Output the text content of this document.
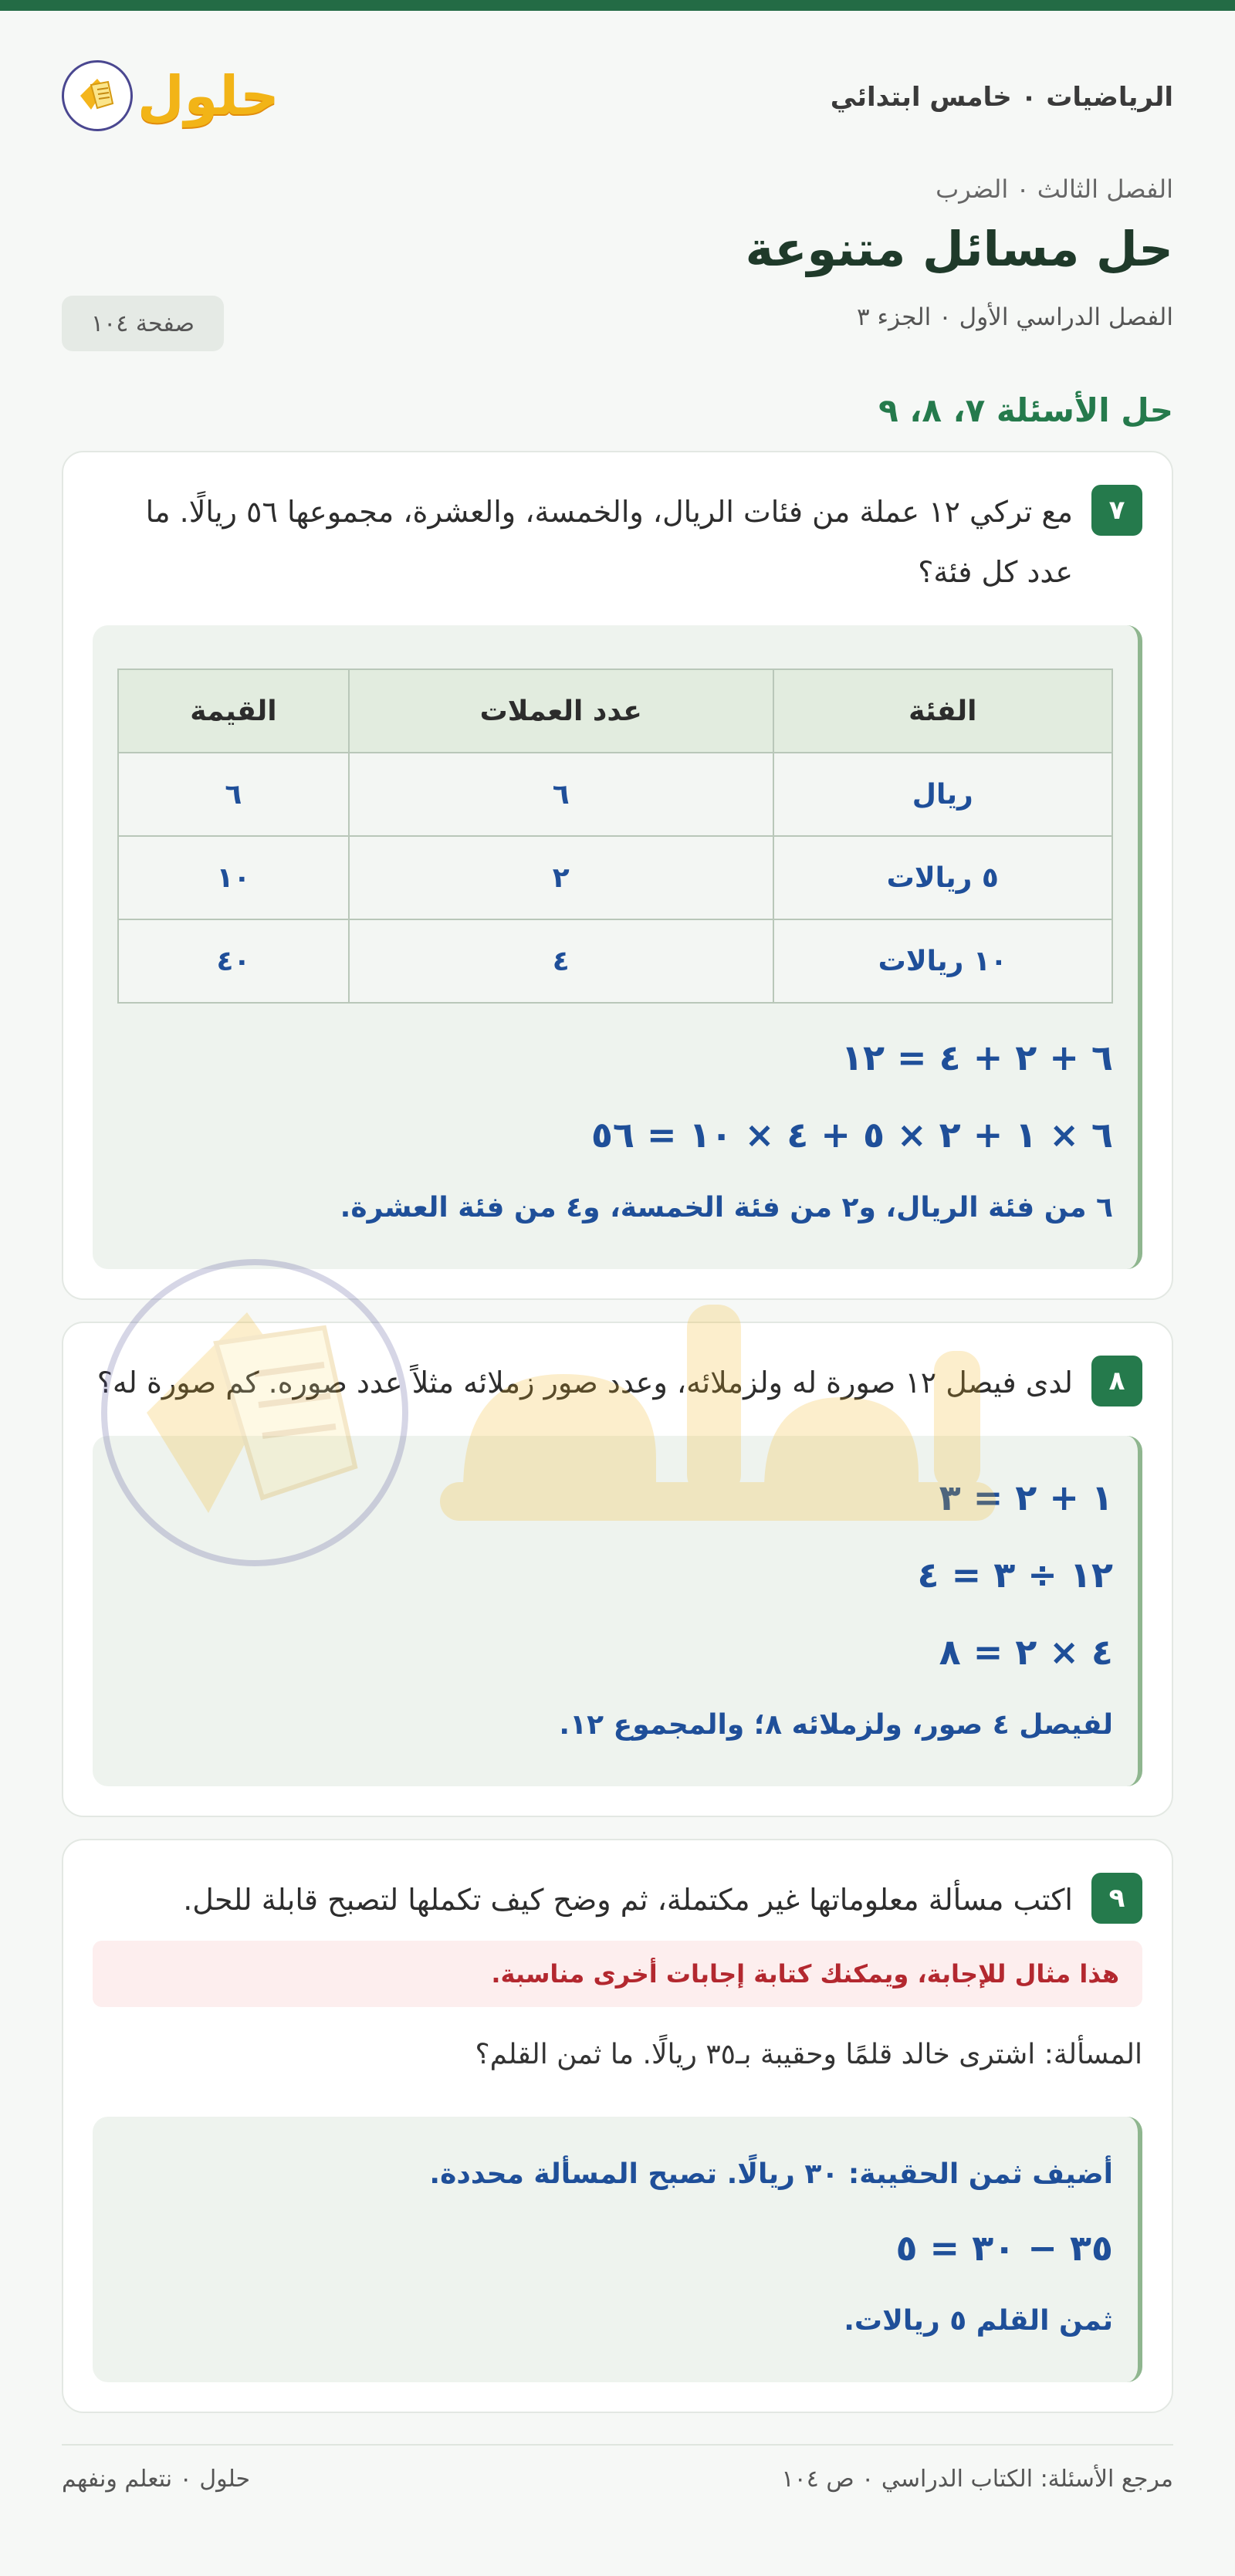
الرياضيات ٠ خامس ابتدائي
حلول
الفصل الثالث ٠ الضرب
حل مسائل متنوعة
الفصل الدراسي الأول ٠ الجزء ٣
صفحة ١٠٤
حل الأسئلة ٧، ٨، ٩
٧
مع تركي ١٢ عملة من فئات الريال، والخمسة، والعشرة، مجموعها ٥٦ ريالًا. ما عدد كل فئة؟
الفئة	عدد العملات	القيمة
ريال	٦	٦
٥ ريالات	٢	١٠
١٠ ريالات	٤	٤٠
٦ + ٢ + ٤ = ١٢
٦ × ١ + ٢ × ٥ + ٤ × ١٠ = ٥٦
٦ من فئة الريال، و٢ من فئة الخمسة، و٤ من فئة العشرة.
٨
لدى فيصل ١٢ صورة له ولزملائه، وعدد صور زملائه مثلاً عدد صوره. كم صورة له؟
١ + ٢ = ٣
١٢ ÷ ٣ = ٤
٤ × ٢ = ٨
لفيصل ٤ صور، ولزملائه ٨؛ والمجموع ١٢.
٩
اكتب مسألة معلوماتها غير مكتملة، ثم وضح كيف تكملها لتصبح قابلة للحل.
هذا مثال للإجابة، ويمكنك كتابة إجابات أخرى مناسبة.
المسألة: اشترى خالد قلمًا وحقيبة بـ٣٥ ريالًا. ما ثمن القلم؟
أضيف ثمن الحقيبة: ٣٠ ريالًا. تصبح المسألة محددة.
٣٥ − ٣٠ = ٥
ثمن القلم ٥ ريالات.
مرجع الأسئلة: الكتاب الدراسي ٠ ص ١٠٤
حلول ٠ نتعلم ونفهم
